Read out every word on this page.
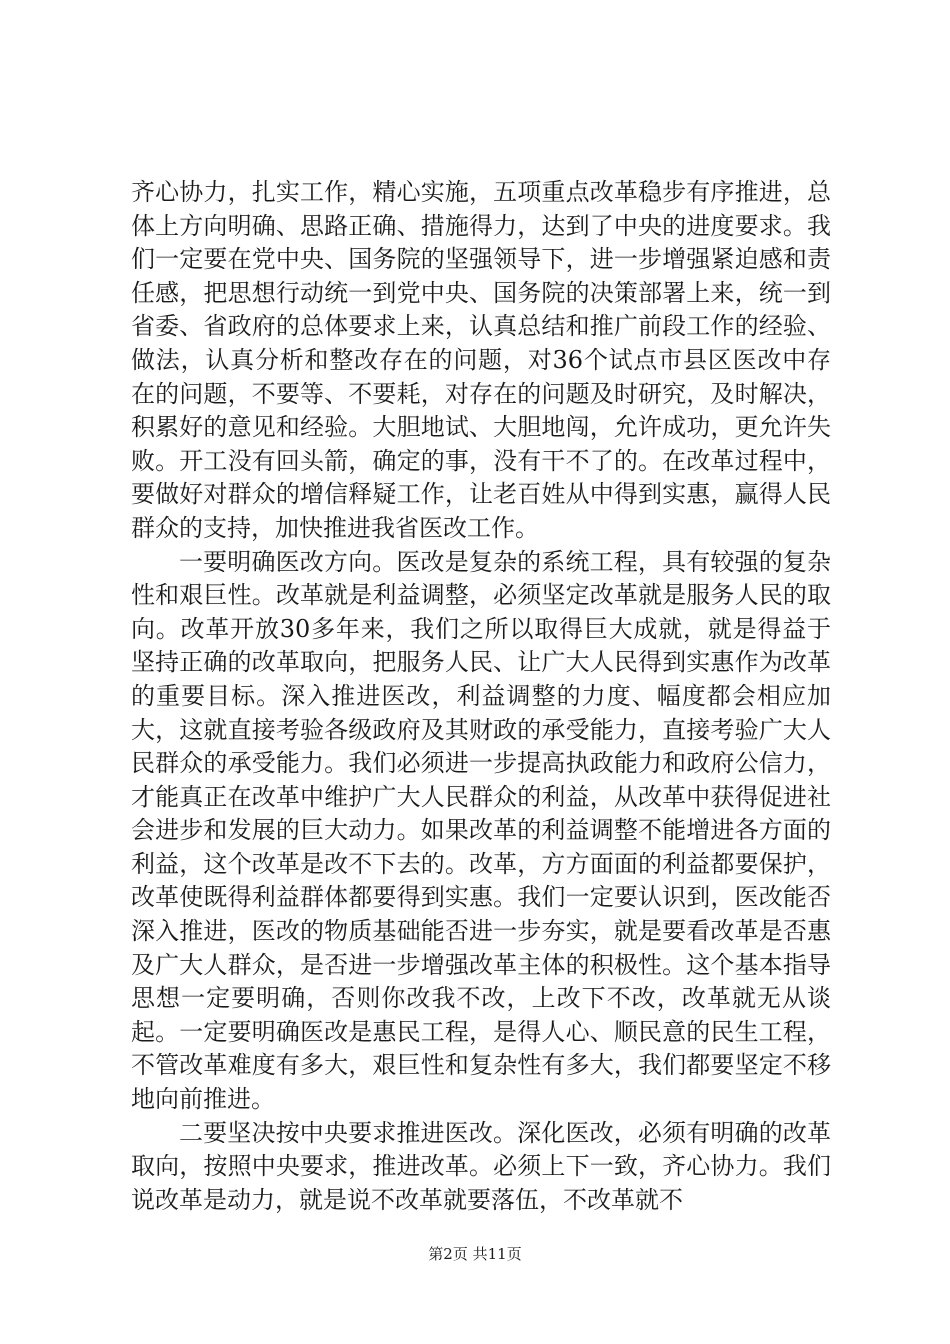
齐心协力，扎实工作，精心实施，五项重点改革稳步有序推进，总体上方向明确、思路正确、措施得力，达到了中央的进度要求。我们一定要在党中央、国务院的坚强领导下，进一步增强紧迫感和责任感，把思想行动统一到党中央、国务院的决策部署上来，统一到省委、省政府的总体要求上来，认真总结和推广前段工作的经验、做法，认真分析和整改存在的问题，对36个试点市县区医改中存在的问题，不要等、不要耗，对存在的问题及时研究，及时解决，积累好的意见和经验。大胆地试、大胆地闯，允许成功，更允许失败。开工没有回头箭，确定的事，没有干不了的。在改革过程中，要做好对群众的增信释疑工作，让老百姓从中得到实惠，赢得人民群众的支持，加快推进我省医改工作。

一要明确医改方向。医改是复杂的系统工程，具有较强的复杂性和艰巨性。改革就是利益调整，必须坚定改革就是服务人民的取向。改革开放30多年来，我们之所以取得巨大成就，就是得益于坚持正确的改革取向，把服务人民、让广大人民得到实惠作为改革的重要目标。深入推进医改，利益调整的力度、幅度都会相应加大，这就直接考验各级政府及其财政的承受能力，直接考验广大人民群众的承受能力。我们必须进一步提高执政能力和政府公信力，才能真正在改革中维护广大人民群众的利益，从改革中获得促进社会进步和发展的巨大动力。如果改革的利益调整不能增进各方面的利益，这个改革是改不下去的。改革，方方面面的利益都要保护，改革使既得利益群体都要得到实惠。我们一定要认识到，医改能否深入推进，医改的物质基础能否进一步夯实，就是要看改革是否惠及广大人群众，是否进一步增强改革主体的积极性。这个基本指导思想一定要明确，否则你改我不改，上改下不改，改革就无从谈起。一定要明确医改是惠民工程，是得人心、顺民意的民生工程，不管改革难度有多大，艰巨性和复杂性有多大，我们都要坚定不移地向前推进。

二要坚决按中央要求推进医改。深化医改，必须有明确的改革取向，按照中央要求，推进改革。必须上下一致，齐心协力。我们说改革是动力，就是说不改革就要落伍，不改革就不

第2页 共11页
